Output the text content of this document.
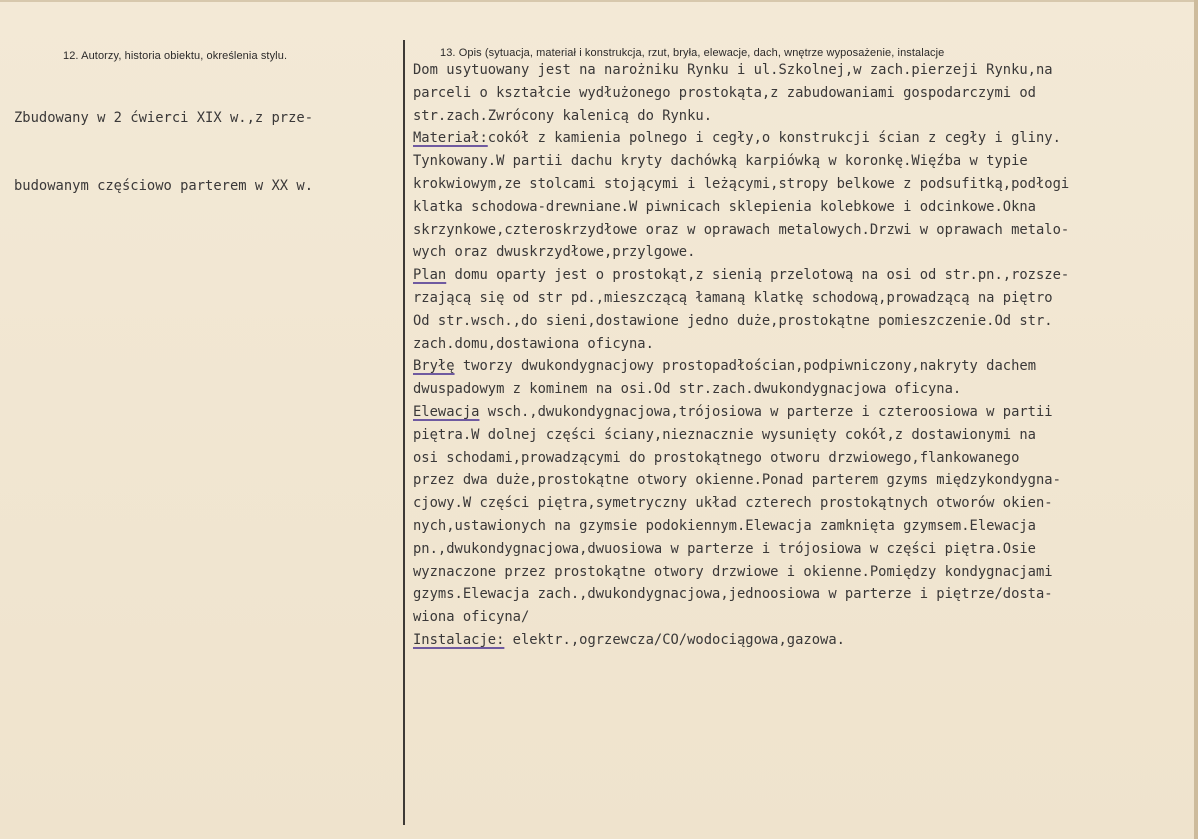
12. Autorzy, historia obiektu, określenia stylu.	13. Opis (sytuacja, materiał i konstrukcja, rzut, bryła, elewacje, dach, wnętrze wyposażenie, instalacje

Zbudowany w 2 ćwierci XIX w.,z prze-

budowanym częściowo parterem w XX w.

Dom usytuowany jest na narożniku Rynku i ul.Szkolnej,w zach.pierzeji Rynku,na
parceli o kształcie wydłużonego prostokąta,z zabudowaniami gospodarczymi od
str.zach.Zwrócony kalenicą do Rynku.
Materiał:cokół z kamienia polnego i cegły,o konstrukcji ścian z cegły i gliny.
Tynkowany.W partii dachu kryty dachówką karpiówką w koronkę.Więźba w typie
krokwiowym,ze stolcami stojącymi i leżącymi,stropy belkowe z podsufitką,podłogi
klatka schodowa-drewniane.W piwnicach sklepienia kolebkowe i odcinkowe.Okna
skrzynkowe,czteroskrzydłowe oraz w oprawach metalowych.Drzwi w oprawach metalo-
wych oraz dwuskrzydłowe,przylgowe.
Plan domu oparty jest o prostokąt,z sienią przelotową na osi od str.pn.,rozsze-
rzającą się od str pd.,mieszczącą łamaną klatkę schodową,prowadzącą na piętro
Od str.wsch.,do sieni,dostawione jedno duże,prostokątne pomieszczenie.Od str.
zach.domu,dostawiona oficyna.
Bryłę tworzy dwukondygnacjowy prostopadłościan,podpiwniczony,nakryty dachem
dwuspadowym z kominem na osi.Od str.zach.dwukondygnacjowa oficyna.
Elewacja wsch.,dwukondygnacjowa,trójosiowa w parterze i czteroosiowa w partii
piętra.W dolnej części ściany,nieznacznie wysunięty cokół,z dostawionymi na
osi schodami,prowadzącymi do prostokątnego otworu drzwiowego,flankowanego
przez dwa duże,prostokątne otwory okienne.Ponad parterem gzyms międzykondygna-
cjowy.W części piętra,symetryczny układ czterech prostokątnych otworów okien-
nych,ustawionych na gzymsie podokiennym.Elewacja zamknięta gzymsem.Elewacja
pn.,dwukondygnacjowa,dwuosiowa w parterze i trójosiowa w części piętra.Osie
wyznaczone przez prostokątne otwory drzwiowe i okienne.Pomiędzy kondygnacjami
gzyms.Elewacja zach.,dwukondygnacjowa,jednoosiowa w parterze i piętrze/dosta-
wiona oficyna/
Instalacje: elektr.,ogrzewcza/CO/wodociągowa,gazowa.
